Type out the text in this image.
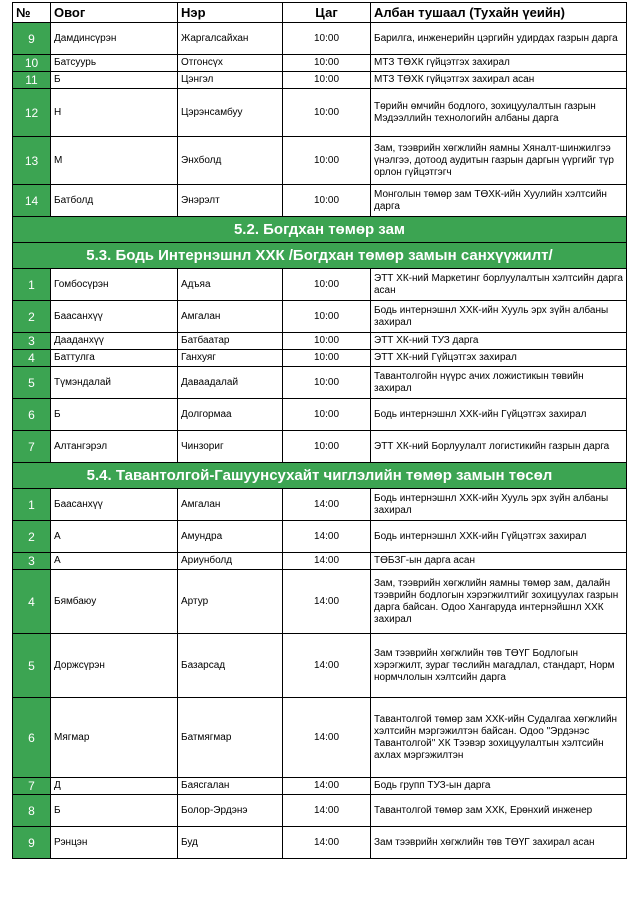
№	Овог	Нэр	Цаг	Албан тушаал (Тухайн үеийн)
9	Дамдинсүрэн	Жаргалсайхан	10:00	Барилга, инженерийн цэргийн удирдах газрын дарга
10	Батсуурь	Отгонсүх	10:00	МТЗ ТӨХК гүйцэтгэх захирал
11	Б	Цэнгэл	10:00	МТЗ ТӨХК гүйцэтгэх захирал асан
12	Н	Цэрэнсамбуу	10:00	Төрийн өмчийн бодлого, зохицуулалтын газрын Мэдээллийн технологийн албаны дарга
13	М	Энхболд	10:00	Зам, тээврийн хөгжлийн яамны Хяналт-шинжилгээ үнэлгээ, дотоод аудитын газрын даргын үүргийг түр орлон гүйцэтгэгч
14	Батболд	Энэрэлт	10:00	Монголын төмөр зам ТӨХК-ийн Хуулийн хэлтсийн дарга
5.2. Богдхан төмөр зам				
5.3. Бодь Интернэшнл ХХК /Богдхан төмөр замын санхүүжилт/				
1	Гомбосүрэн	Адъяа	10:00	ЭТТ ХК-ний Маркетинг борлуулалтын хэлтсийн дарга асан
2	Баасанхүү	Амгалан	10:00	Бодь интернэшнл ХХК-ийн Хууль эрх зүйн албаны захирал
3	Дааданхүү	Батбаатар	10:00	ЭТТ ХК-ний ТУЗ дарга
4	Баттулга	Ганхуяг	10:00	ЭТТ ХК-ний Гүйцэтгэх захирал
5	Түмэндалай	Даваадалай	10:00	Тавантолгойн нүүрс ачих ложистикын төвийн захирал
6	Б	Долгормаа	10:00	Бодь интернэшнл ХХК-ийн Гүйцэтгэх захирал
7	Алтангэрэл	Чинзориг	10:00	ЭТТ ХК-ний Борлуулалт логистикийн газрын дарга
5.4. Тавантолгой-Гашуунсухайт чиглэлийн төмөр замын төсөл				
1	Баасанхүү	Амгалан	14:00	Бодь интернэшнл ХХК-ийн Хууль эрх зүйн албаны захирал
2	А	Амундра	14:00	Бодь интернэшнл ХХК-ийн Гүйцэтгэх захирал
3	А	Ариунболд	14:00	ТӨБЗГ-ын дарга асан
4	Бямбаюу	Артур	14:00	Зам, тээврийн хөгжлийн яамны төмөр зам, далайн тээврийн бодлогын хэрэгжилтийг зохицуулах газрын дарга байсан. Одоо Хангаруда интернэйшнл ХХК захирал
5	Доржсүрэн	Базарсад	14:00	Зам тээврийн хөгжлийн төв ТӨҮГ Бодлогын хэрэгжилт, зураг төслийн магадлал, стандарт, Норм нормчлолын хэлтсийн дарга
6	Мягмар	Батмягмар	14:00	Тавантолгой төмөр зам ХХК-ийн Судалгаа хөгжлийн хэлтсийн мэргэжилтэн байсан. Одоо "Эрдэнэс Тавантолгой" ХК Тээвэр зохицуулалтын хэлтсийн ахлах мэргэжилтэн
7	Д	Баясгалан	14:00	Бодь групп ТУЗ-ын дарга
8	Б	Болор-Эрдэнэ	14:00	Тавантолгой төмөр зам ХХК, Ерөнхий инженер
9	Рэнцэн	Буд	14:00	Зам тээврийн хөгжлийн төв ТӨҮГ захирал асан
